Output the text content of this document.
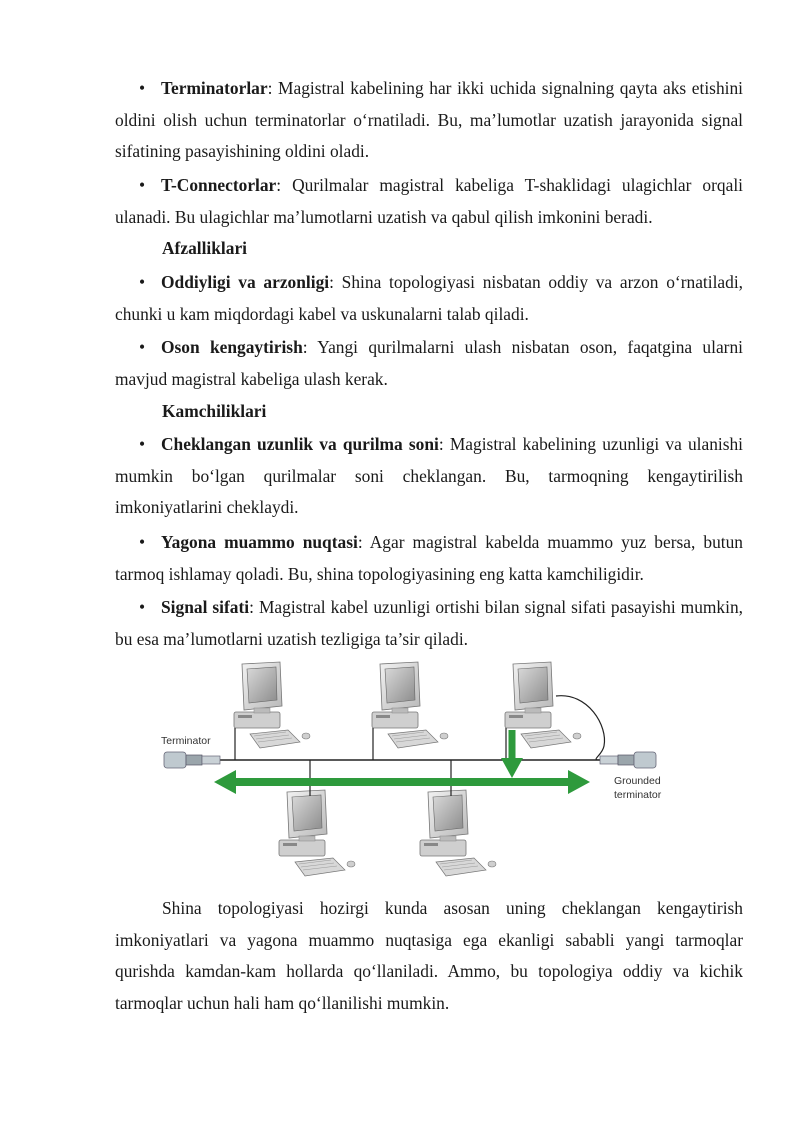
• Terminatorlar: Magistral kabelining har ikki uchida signalning qayta aks etishini oldini olish uchun terminatorlar o‘rnatiladi. Bu, ma’lumotlar uzatish jarayonida signal sifatining pasayishining oldini oladi.

• T-Connectorlar: Qurilmalar magistral kabeliga T-shaklidagi ulagichlar orqali ulanadi. Bu ulagichlar ma’lumotlarni uzatish va qabul qilish imkonini beradi.

Afzalliklari

• Oddiyligi va arzonligi: Shina topologiyasi nisbatan oddiy va arzon o‘rnatiladi, chunki u kam miqdordagi kabel va uskunalarni talab qiladi.

• Oson kengaytirish: Yangi qurilmalarni ulash nisbatan oson, faqatgina ularni mavjud magistral kabeliga ulash kerak.

Kamchiliklari

• Cheklangan uzunlik va qurilma soni: Magistral kabelining uzunligi va ulanishi mumkin bo‘lgan qurilmalar soni cheklangan. Bu, tarmoqning kengaytirilish imkoniyatlarini cheklaydi.

• Yagona muammo nuqtasi: Agar magistral kabelda muammo yuz bersa, butun tarmoq ishlamay qoladi. Bu, shina topologiyasining eng katta kamchiligidir.

• Signal sifati: Magistral kabel uzunligi ortishi bilan signal sifati pasayishi mumkin, bu esa ma’lumotlarni uzatish tezligiga ta’sir qiladi.

Terminator
Grounded
terminator

Shina topologiyasi hozirgi kunda asosan uning cheklangan kengaytirish imkoniyatlari va yagona muammo nuqtasiga ega ekanligi sababli yangi tarmoqlar qurishda kamdan-kam hollarda qo‘llaniladi. Ammo, bu topologiya oddiy va kichik tarmoqlar uchun hali ham qo‘llanilishi mumkin.
